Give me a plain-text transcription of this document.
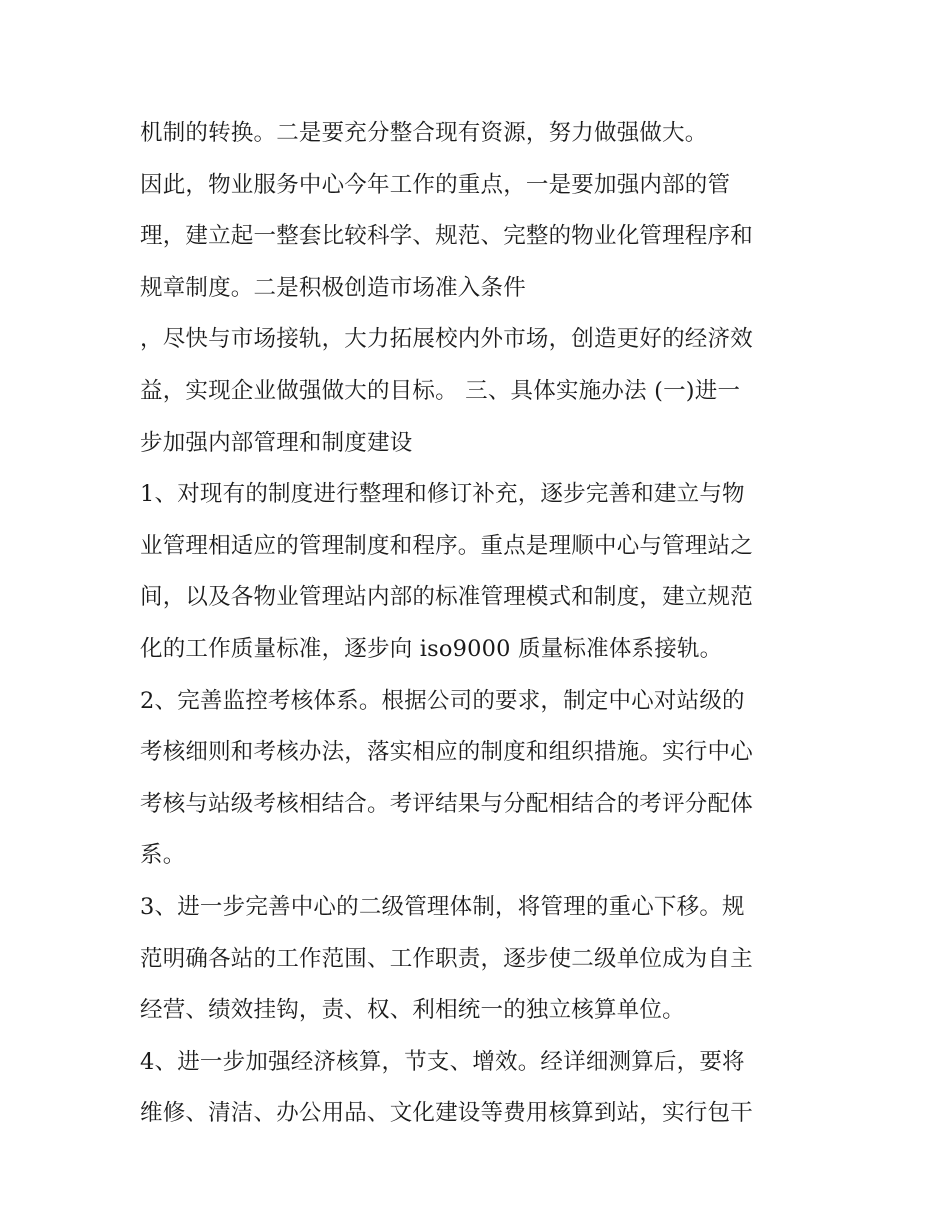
机制的转换。二是要充分整合现有资源，努力做强做大。
因此，物业服务中心今年工作的重点，一是要加强内部的管
理，建立起一整套比较科学、规范、完整的物业化管理程序和
规章制度。二是积极创造市场准入条件
，尽快与市场接轨，大力拓展校内外市场，创造更好的经济效
益，实现企业做强做大的目标。 三、具体实施办法 (一)进一
步加强内部管理和制度建设
1、对现有的制度进行整理和修订补充，逐步完善和建立与物
业管理相适应的管理制度和程序。重点是理顺中心与管理站之
间，以及各物业管理站内部的标准管理模式和制度，建立规范
化的工作质量标准，逐步向 iso9000 质量标准体系接轨。
2、完善监控考核体系。根据公司的要求，制定中心对站级的
考核细则和考核办法，落实相应的制度和组织措施。实行中心
考核与站级考核相结合。考评结果与分配相结合的考评分配体
系。
3、进一步完善中心的二级管理体制，将管理的重心下移。规
范明确各站的工作范围、工作职责，逐步使二级单位成为自主
经营、绩效挂钩，责、权、利相统一的独立核算单位。
4、进一步加强经济核算，节支、增效。经详细测算后，要将
维修、清洁、办公用品、文化建设等费用核算到站，实行包干
